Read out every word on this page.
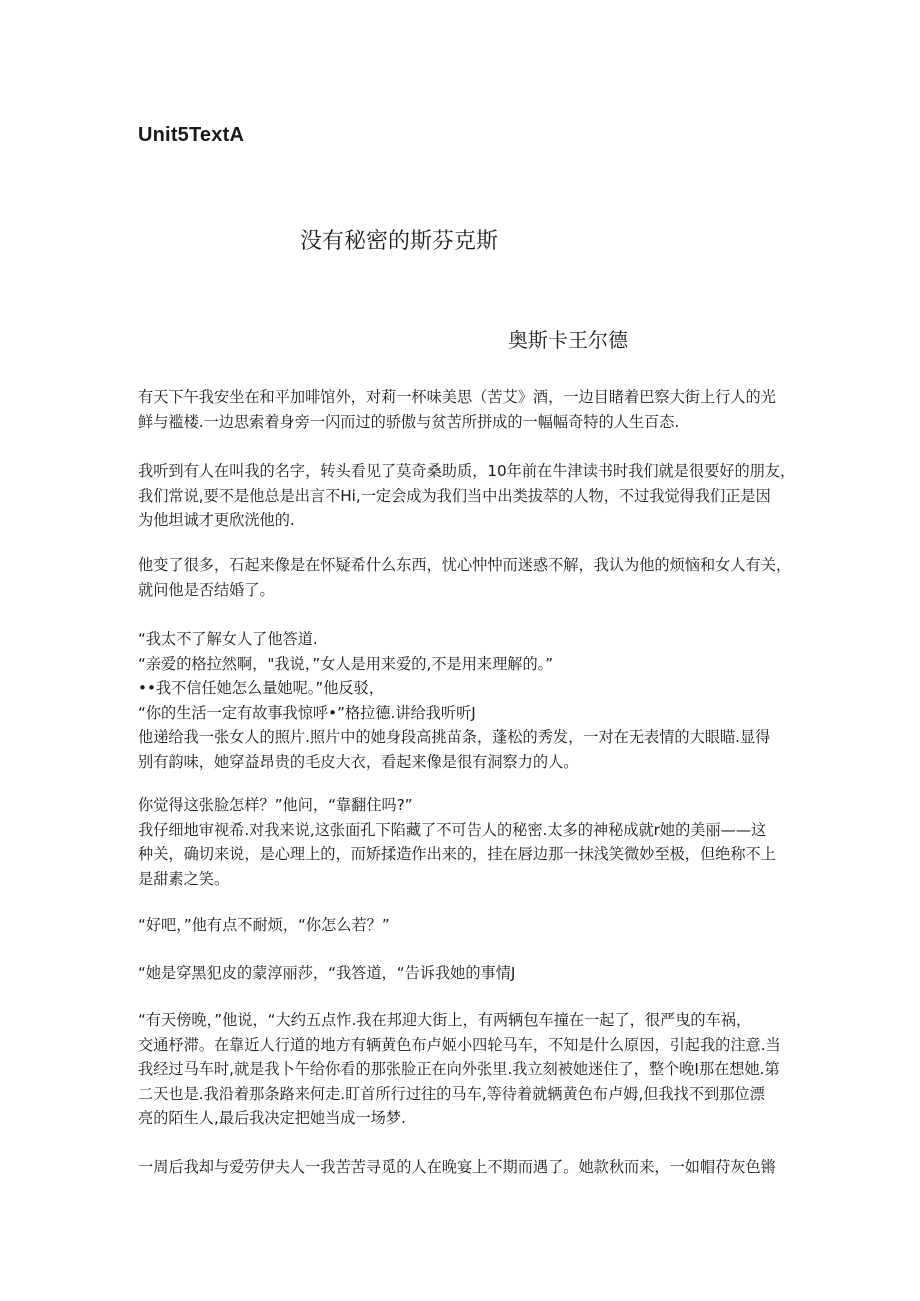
Unit5TextA
没有秘密的斯芬克斯
奥斯卡王尔德

有天下午我安坐在和平加啡馆外，对莉一杯味美思（苦艾》酒，一边目睹着巴察大街上行人的光

鲜与褴楼.一边思索着身旁一闪而过的骄傲与贫苦所拼成的一幅幅奇特的人生百态.

我听到有人在叫我的名字，转头看见了莫奇桑助质，10年前在牛津读书时我们就是很要好的朋友，

我们常说,要不是他总是出言不Hi,一定会成为我们当中出类拔萃的人物，不过我觉得我们正是因

为他坦诚才更欣洸他的.

他变了很多，石起来像是在怀疑希什么东西，忧心忡忡而迷惑不解，我认为他的烦恼和女人有关，

就问他是否结婚了。

“我太不了解女人了他答道.

“亲爱的格拉然啊，"我说，”女人是用来爱的,不是用来理解的。”

••我不信任她怎么量她呢。”他反驳，

“你的生活一定有故事我惊呼•”格拉德.讲给我听听J

他递给我一张女人的照片.照片中的她身段高挑苗条，蓬松的秀发，一对在无表情的大眼瞄.显得

别有韵味，她穿益昂贵的毛皮大衣，看起来像是很有洞察力的人。

你觉得这张脸怎样？”他问，“靠翻住吗?”

我仔细地审视希.对我来说,这张面孔下陷藏了不可告人的秘密.太多的神秘成就r她的美丽——这

种关，确切来说，是心理上的，而矫揉造作出来的，挂在唇边那一抹浅笑微妙至极，但绝称不上

是甜素之笑。

“好吧，”他有点不耐烦，“你怎么若？”

“她是穿黑犯皮的蒙淳丽莎，“我答道，“告诉我她的事情J

“有天傍晚，”他说，“大约五点怍.我在邦迎大街上，有两辆包车撞在一起了，很严曳的车祸，

交通杼滞。在靠近人行道的地方有辆黄色布卢姬小四轮马车，不知是什么原因，引起我的注意.当

我经过马车时,就是我卜午给你看的那张脸正在向外张里.我立刻被她迷住了，整个晚I那在想她.第

二天也是.我沿着那条路来何走.盯首所行过往的马车,等待着就辆黄色布卢姆,但我找不到那位漂

亮的陌生人,最后我决定把她当成一场梦.

一周后我却与爱劳伊夫人一我苦苦寻觅的人在晚宴上不期而遇了。她款秋而来，一如帽苻灰色锵
